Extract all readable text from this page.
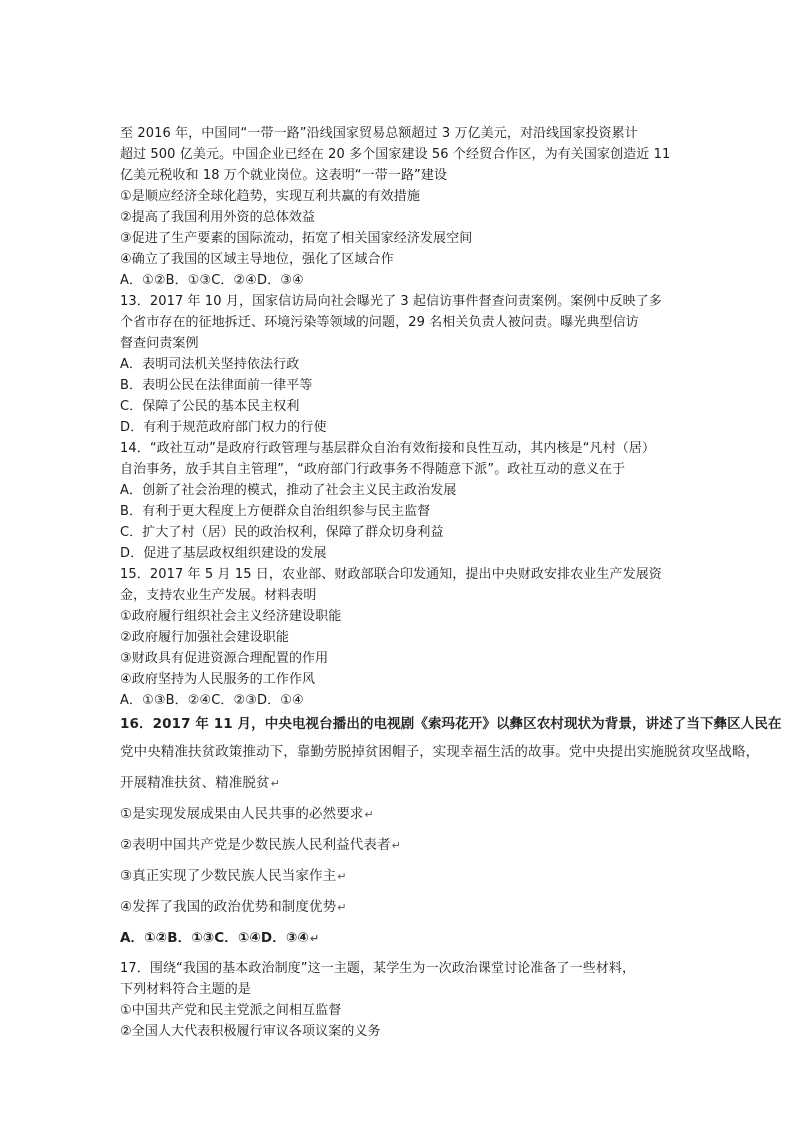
至 2016 年，中国同“一带一路”沿线国家贸易总额超过 3 万亿美元，对沿线国家投资累计

超过 500 亿美元。中国企业已经在 20 多个国家建设 56 个经贸合作区，为有关国家创造近 11

亿美元税收和 18 万个就业岗位。这表明“一带一路”建设

①是顺应经济全球化趋势，实现互利共赢的有效措施

②提高了我国利用外资的总体效益

③促进了生产要素的国际流动，拓宽了相关国家经济发展空间

④确立了我国的区域主导地位，强化了区域合作

A．①②B．①③C．②④D．③④

13．2017 年 10 月，国家信访局向社会曝光了 3 起信访事件督查问责案例。案例中反映了多

个省市存在的征地拆迁、环境污染等领域的问题，29 名相关负责人被问责。曝光典型信访

督查问责案例

A．表明司法机关坚持依法行政

B．表明公民在法律面前一律平等

C．保障了公民的基本民主权利

D．有利于规范政府部门权力的行使

14．“政社互动”是政府行政管理与基层群众自治有效衔接和良性互动，其内核是“凡村（居）

自治事务，放手其自主管理”，“政府部门行政事务不得随意下派”。政社互动的意义在于

A．创新了社会治理的模式，推动了社会主义民主政治发展

B．有利于更大程度上方便群众自治组织参与民主监督

C．扩大了村（居）民的政治权利，保障了群众切身利益

D．促进了基层政权组织建设的发展

15．2017 年 5 月 15 日，农业部、财政部联合印发通知，提出中央财政安排农业生产发展资

金，支持农业生产发展。材料表明

①政府履行组织社会主义经济建设职能

②政府履行加强社会建设职能

③财政具有促进资源合理配置的作用

④政府坚持为人民服务的工作作风

A．①③B．②④C．②③D．①④

16．2017 年 11 月，中央电视台播出的电视剧《索玛花开》以彝区农村现状为背景，讲述了当下彝区人民在

党中央精准扶贫政策推动下，靠勤劳脱掉贫困帽子，实现幸福生活的故事。党中央提出实施脱贫攻坚战略，

开展精准扶贫、精准脱贫↵

①是实现发展成果由人民共事的必然要求↵

②表明中国共产党是少数民族人民利益代表者↵

③真正实现了少数民族人民当家作主↵

④发挥了我国的政治优势和制度优势↵

A．①②B．①③C．①④D．③④↵

17．围绕“我国的基本政治制度”这一主题，某学生为一次政治课堂讨论准备了一些材料，

下列材料符合主题的是

①中国共产党和民主党派之间相互监督

②全国人大代表积极履行审议各项议案的义务
